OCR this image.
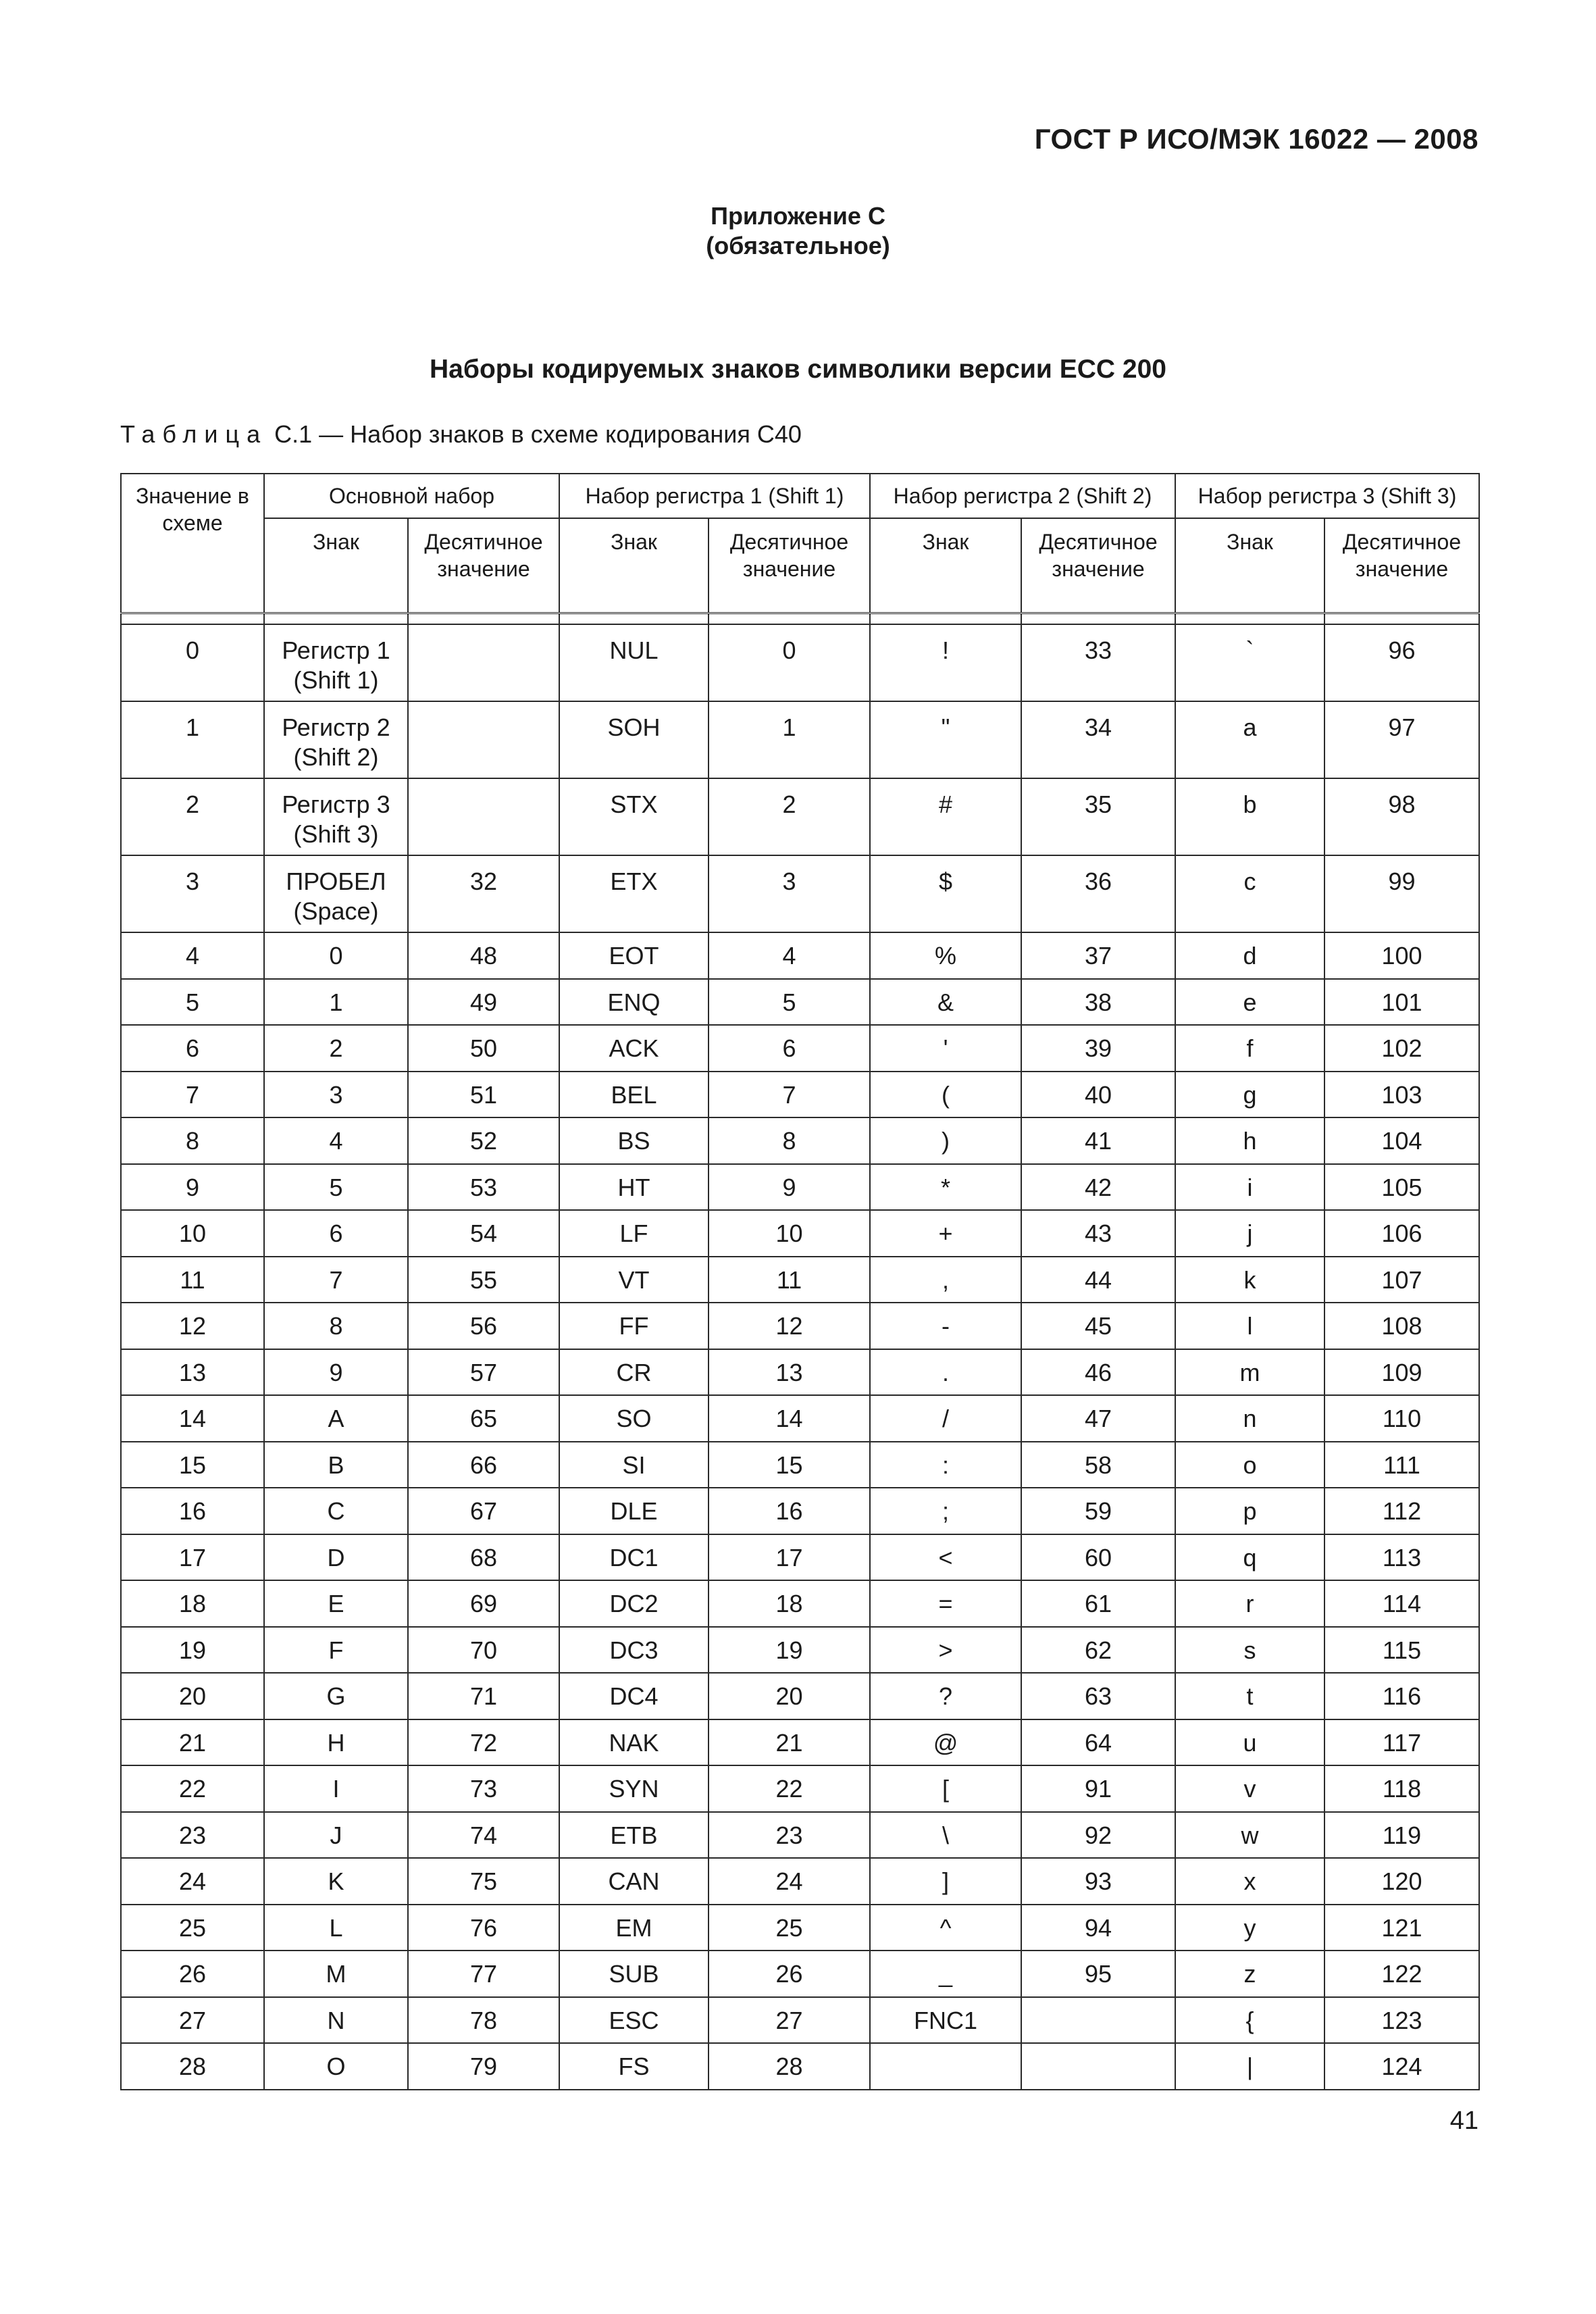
ГОСТ Р ИСО/МЭК 16022 — 2008
Приложение С
(обязательное)
Наборы кодируемых знаков символики версии ЕСС 200
Таблица С.1 — Набор знаков в схеме кодирования С40
Значение в схеме	Основной набор		Набор регистра 1 (Shift 1)		Набор регистра 2 (Shift 2)		Набор регистра 3 (Shift 3)	
	Знак	Десятичное значение	Знак	Десятичное значение	Знак	Десятичное значение	Знак	Десятичное значение

0	Регистр 1 (Shift 1)		NUL	0	!	33	`	96
1	Регистр 2 (Shift 2)		SOH	1	"	34	a	97
2	Регистр 3 (Shift 3)		STX	2	#	35	b	98
3	ПРОБЕЛ (Space)	32	ETX	3	$	36	c	99
4	0	48	EOT	4	%	37	d	100
5	1	49	ENQ	5	&	38	e	101
6	2	50	ACK	6	'	39	f	102
7	3	51	BEL	7	(	40	g	103
8	4	52	BS	8	)	41	h	104
9	5	53	HT	9	*	42	i	105
10	6	54	LF	10	+	43	j	106
11	7	55	VT	11	,	44	k	107
12	8	56	FF	12	-	45	l	108
13	9	57	CR	13	.	46	m	109
14	A	65	SO	14	/	47	n	110
15	B	66	SI	15	:	58	o	111
16	C	67	DLE	16	;	59	p	112
17	D	68	DC1	17	<	60	q	113
18	E	69	DC2	18	=	61	r	114
19	F	70	DC3	19	>	62	s	115
20	G	71	DC4	20	?	63	t	116
21	H	72	NAK	21	@	64	u	117
22	I	73	SYN	22	[	91	v	118
23	J	74	ETB	23	\	92	w	119
24	K	75	CAN	24	]	93	x	120
25	L	76	EM	25	^	94	y	121
26	M	77	SUB	26	_	95	z	122
27	N	78	ESC	27	FNC1		{	123
28	O	79	FS	28			|	124
41
